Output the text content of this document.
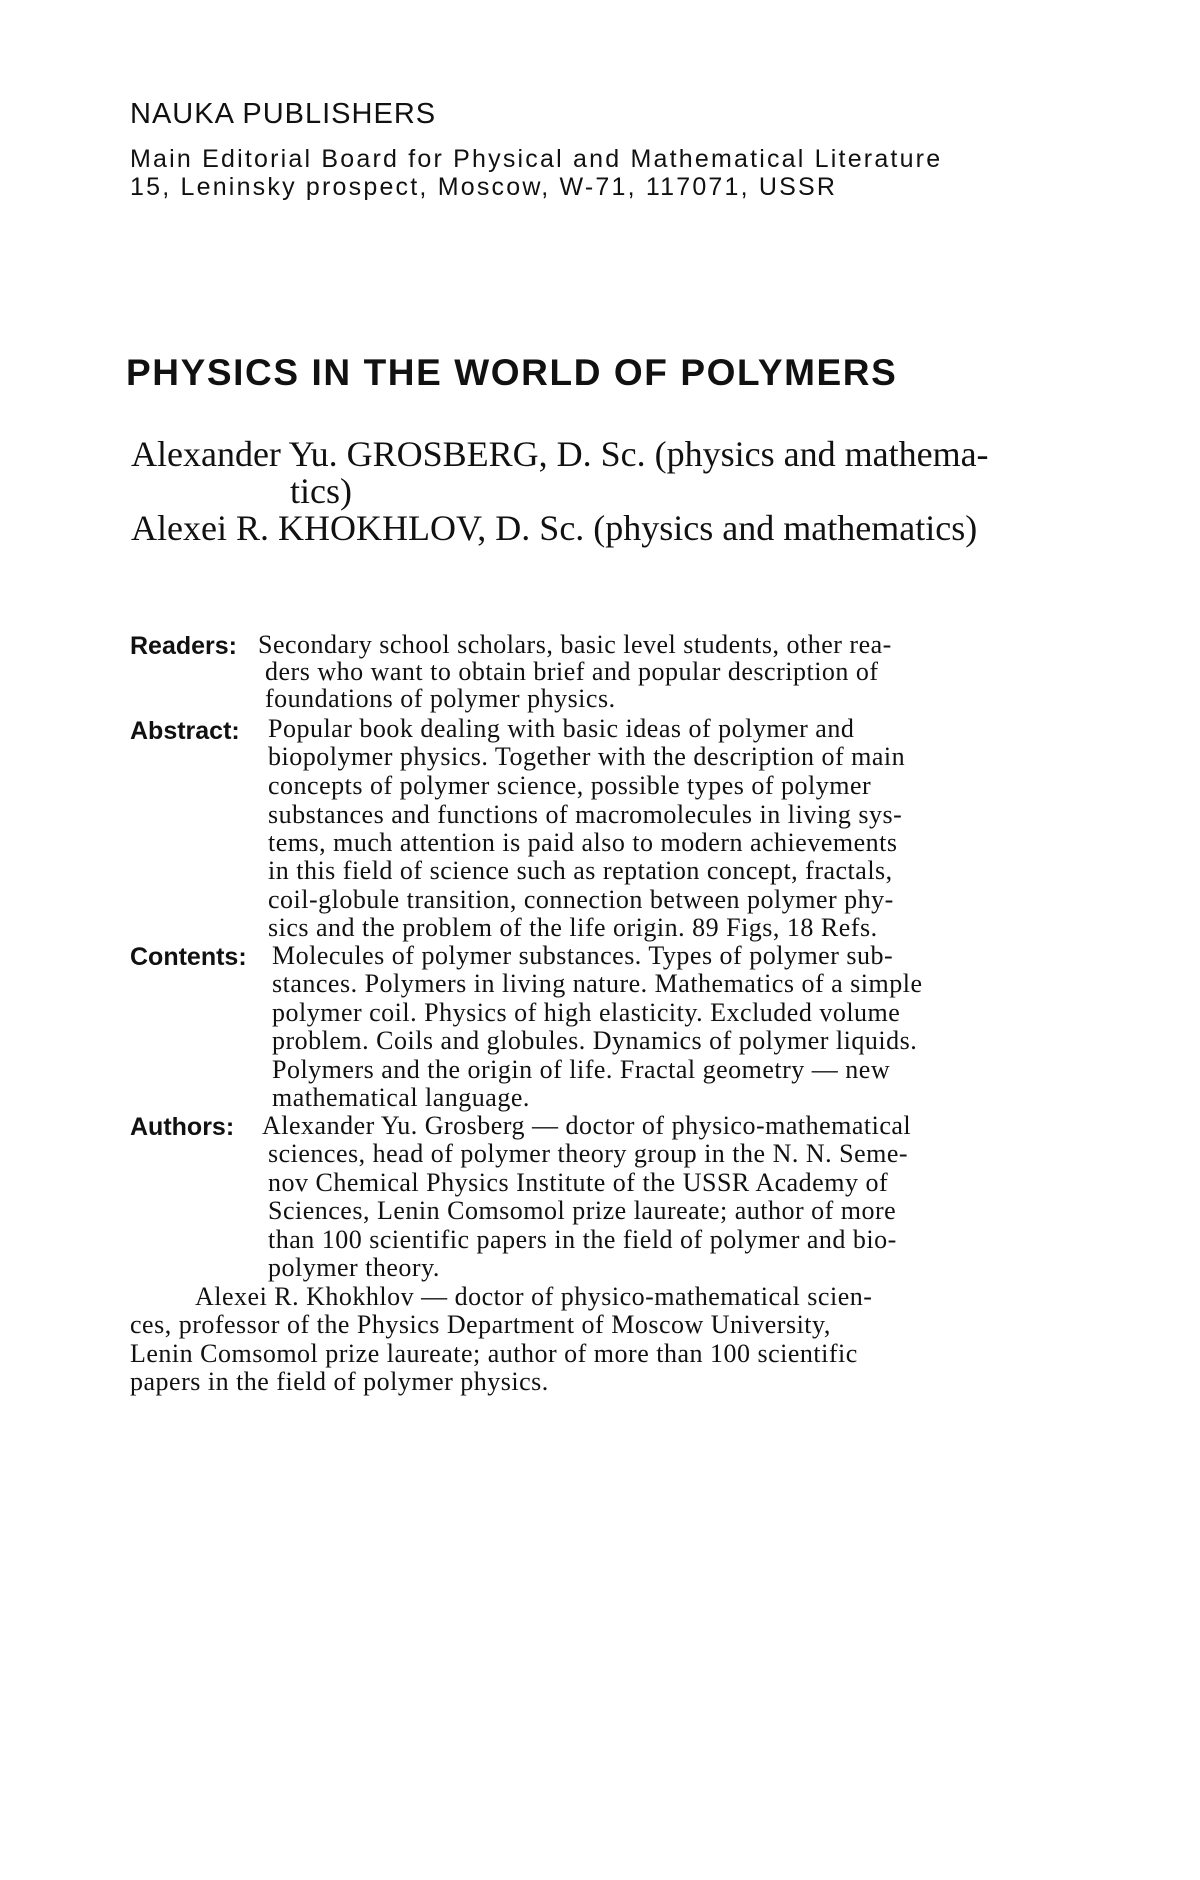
NAUKA PUBLISHERS
Main Editorial Board for Physical and Mathematical Literature
15, Leninsky prospect, Moscow, W-71, 117071, USSR
PHYSICS IN THE WORLD OF POLYMERS
Alexander Yu. GROSBERG, D. Sc. (physics and mathema-
tics)
Alexei R. KHOKHLOV, D. Sc. (physics and mathematics)
Readers: Secondary school scholars, basic level students, other rea-
ders who want to obtain brief and popular description of
foundations of polymer physics.
Abstract: Popular book dealing with basic ideas of polymer and
biopolymer physics. Together with the description of main
concepts of polymer science, possible types of polymer
substances and functions of macromolecules in living sys-
tems, much attention is paid also to modern achievements
in this field of science such as reptation concept, fractals,
coil-globule transition, connection between polymer phy-
sics and the problem of the life origin. 89 Figs, 18 Refs.
Contents: Molecules of polymer substances. Types of polymer sub-
stances. Polymers in living nature. Mathematics of a simple
polymer coil. Physics of high elasticity. Excluded volume
problem. Coils and globules. Dynamics of polymer liquids.
Polymers and the origin of life. Fractal geometry — new
mathematical language.
Authors: Alexander Yu. Grosberg — doctor of physico-mathematical
sciences, head of polymer theory group in the N. N. Seme-
nov Chemical Physics Institute of the USSR Academy of
Sciences, Lenin Comsomol prize laureate; author of more
than 100 scientific papers in the field of polymer and bio-
polymer theory.
Alexei R. Khokhlov — doctor of physico-mathematical scien-
ces, professor of the Physics Department of Moscow University,
Lenin Comsomol prize laureate; author of more than 100 scientific
papers in the field of polymer physics.
